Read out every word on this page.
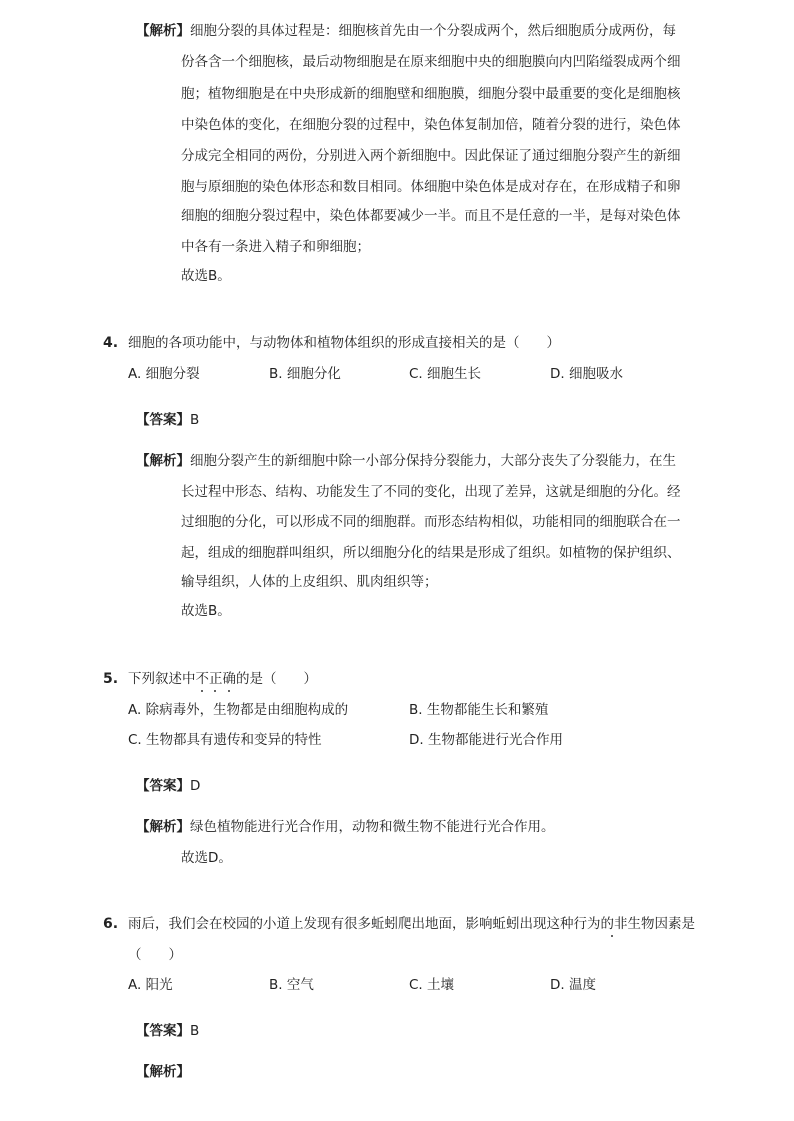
【解析】 细胞分裂的具体过程是：细胞核首先由一个分裂成两个，然后细胞质分成两份，每
份各含一个细胞核，最后动物细胞是在原来细胞中央的细胞膜向内凹陷缢裂成两个细
胞；植物细胞是在中央形成新的细胞壁和细胞膜，细胞分裂中最重要的变化是细胞核
中染色体的变化，在细胞分裂的过程中，染色体复制加倍，随着分裂的进行，染色体
分成完全相同的两份，分别进入两个新细胞中。因此保证了通过细胞分裂产生的新细
胞与原细胞的染色体形态和数目相同。体细胞中染色体是成对存在，在形成精子和卵
细胞的细胞分裂过程中，染色体都要减少一半。而且不是任意的一半，是每对染色体
中各有一条进入精子和卵细胞；
故选B。
4. 细胞的各项功能中，与动物体和植物体组织的形成直接相关的是（　　）
A. 细胞分裂	B. 细胞分化	C. 细胞生长	D. 细胞吸水
【答案】 B
【解析】 细胞分裂产生的新细胞中除一小部分保持分裂能力，大部分丧失了分裂能力，在生
长过程中形态、结构、功能发生了不同的变化，出现了差异，这就是细胞的分化。经
过细胞的分化，可以形成不同的细胞群。而形态结构相似，功能相同的细胞联合在一
起，组成的细胞群叫组织，所以细胞分化的结果是形成了组织。如植物的保护组织、
输导组织，人体的上皮组织、肌肉组织等；
故选B。
5. 下列叙述中不正确的是（　　）
A. 除病毒外，生物都是由细胞构成的	B. 生物都能生长和繁殖
C. 生物都具有遗传和变异的特性	D. 生物都能进行光合作用
【答案】 D
【解析】 绿色植物能进行光合作用，动物和微生物不能进行光合作用。
故选D。
6. 雨后，我们会在校园的小道上发现有很多蚯蚓爬出地面，影响蚯蚓出现这种行为的非生物因素是
（　　）
A. 阳光	B. 空气	C. 土壤	D. 温度
【答案】 B
【解析】
